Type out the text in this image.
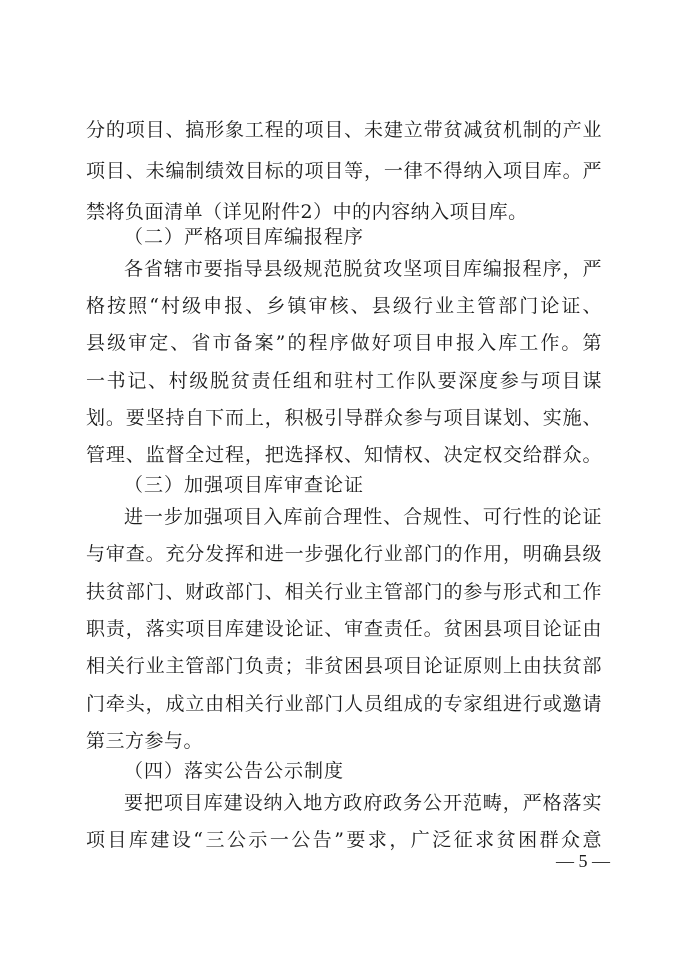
分的项目、搞形象工程的项目、未建立带贫减贫机制的产业
项目、未编制绩效目标的项目等，一律不得纳入项目库。严
禁将负面清单（详见附件2）中的内容纳入项目库。
（二）严格项目库编报程序
各省辖市要指导县级规范脱贫攻坚项目库编报程序，严
格按照“村级申报、乡镇审核、县级行业主管部门论证、
县级审定、省市备案”的程序做好项目申报入库工作。第
一书记、村级脱贫责任组和驻村工作队要深度参与项目谋
划。要坚持自下而上，积极引导群众参与项目谋划、实施、
管理、监督全过程，把选择权、知情权、决定权交给群众。
（三）加强项目库审查论证
进一步加强项目入库前合理性、合规性、可行性的论证
与审查。充分发挥和进一步强化行业部门的作用，明确县级
扶贫部门、财政部门、相关行业主管部门的参与形式和工作
职责，落实项目库建设论证、审查责任。贫困县项目论证由
相关行业主管部门负责；非贫困县项目论证原则上由扶贫部
门牵头，成立由相关行业部门人员组成的专家组进行或邀请
第三方参与。
（四）落实公告公示制度
要把项目库建设纳入地方政府政务公开范畴，严格落实
项目库建设“三公示一公告”要求，广泛征求贫困群众意
— 5 —
